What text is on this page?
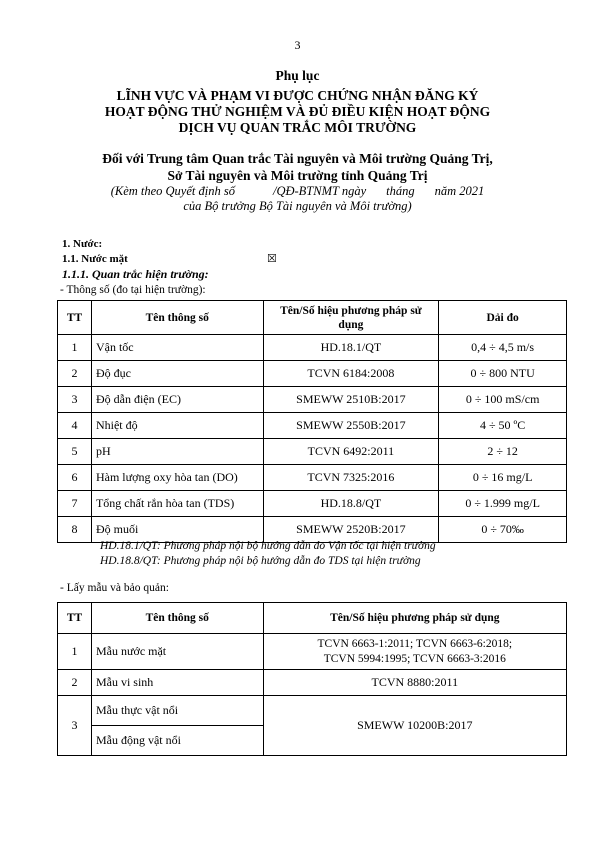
3
Phụ lục
LĨNH VỰC VÀ PHẠM VI ĐƯỢC CHỨNG NHẬN ĐĂNG KÝ
HOẠT ĐỘNG THỬ NGHIỆM VÀ ĐỦ ĐIỀU KIỆN HOẠT ĐỘNG
DỊCH VỤ QUAN TRẮC MÔI TRƯỜNG
Đối với Trung tâm Quan trắc Tài nguyên và Môi trường Quảng Trị,
Sở Tài nguyên và Môi trường tỉnh Quảng Trị
(Kèm theo Quyết định số	/QĐ-BTNMT ngày tháng năm 2021
của Bộ trưởng Bộ Tài nguyên và Môi trường)
1. Nước:
1.1. Nước mặt	☒
1.1.1. Quan trắc hiện trường:
- Thông số (đo tại hiện trường):
TT	Tên thông số	Tên/Số hiệu phương pháp sử dụng	Dải đo
1	Vận tốc	HD.18.1/QT	0,4 ÷ 4,5 m/s
2	Độ đục	TCVN 6184:2008	0 ÷ 800 NTU
3	Độ dẫn điện (EC)	SMEWW 2510B:2017	0 ÷ 100 mS/cm
4	Nhiệt độ	SMEWW 2550B:2017	4 ÷ 50 ºC
5	pH	TCVN 6492:2011	2 ÷ 12
6	Hàm lượng oxy hòa tan (DO)	TCVN 7325:2016	0 ÷ 16 mg/L
7	Tổng chất rắn hòa tan (TDS)	HD.18.8/QT	0 ÷ 1.999 mg/L
8	Độ muối	SMEWW 2520B:2017	0 ÷ 70‰
HD.18.1/QT: Phương pháp nội bộ hướng dẫn đo Vận tốc tại hiện trường
HD.18.8/QT: Phương pháp nội bộ hướng dẫn đo TDS tại hiện trường
- Lấy mẫu và bảo quản:
TT	Tên thông số	Tên/Số hiệu phương pháp sử dụng
1	Mẫu nước mặt	TCVN 6663-1:2011; TCVN 6663-6:2018;
TCVN 5994:1995; TCVN 6663-3:2016

2	Mẫu vi sinh	TCVN 8880:2011
3	Mẫu thực vật nổi	SMEWW 10200B:2017
	Mẫu động vật nổi	
